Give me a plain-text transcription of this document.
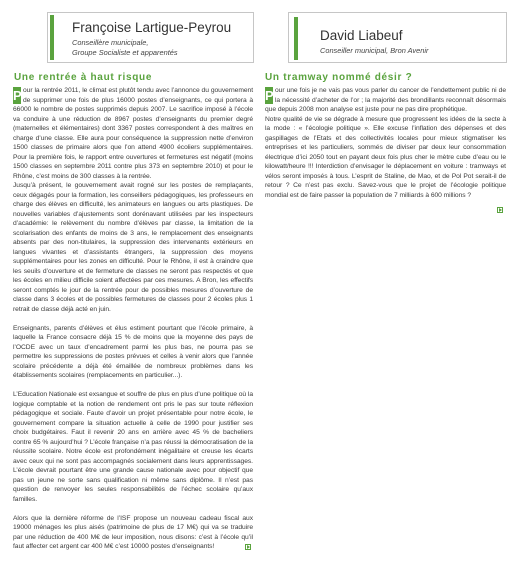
Françoise Lartigue-Peyrou
Conseillère municipale,
Groupe Socialiste et apparentés
David Liabeuf
Conseiller municipal, Bron Avenir
Une rentrée à haut risque	Un tramway nommé désir ?

P our la rentrée 2011, le climat est plutôt tendu avec l’annonce du gouvernement de supprimer une fois de plus 16000 postes d’enseignants, ce qui portera à 66000 le nombre de postes supprimés depuis 2007. Le sacrifice imposé à l’école va conduire à une réduction de 8967 postes d’enseignants du premier degré (maternelles et élémentaires) dont 3367 postes correspondent à des maîtres en charge d’une classe. Elle aura pour conséquence la suppression nette d’environ 1500 classes de primaire alors que l’on attend 4900 écoliers supplémentaires. Pour la première fois, le rapport entre ouvertures et fermetures est négatif (moins 1500 classes en septembre 2011 contre plus 373 en septembre 2010) et pour le Rhône, c’est moins de 300 classes à la rentrée.

Jusqu’à présent, le gouvernement avait rogné sur les postes de remplaçants, ceux dégagés pour la formation, les conseillers pédagogiques, les professeurs en charge des élèves en difficulté, les animateurs en langues ou arts plastiques. De nouvelles variables d’ajustements sont dorénavant utilisées par les inspecteurs d’académie: le relèvement du nombre d’élèves par classe, la limitation de la scolarisation des enfants de moins de 3 ans, le remplacement des enseignants absents par des non-titulaires, la suppression des intervenants extérieurs en langues vivantes et d’assistants étrangers, la suppression des moyens supplémentaires pour les zones en difficulté. Pour le Rhône, il est à craindre que les seuils d’ouverture et de fermeture de classes ne seront pas respectés et que les écoles en milieu difficile soient affectées par ces mesures. A Bron, les effectifs seront comptés le jour de la rentrée pour de possibles mesures d’ouverture de classe dans 3 écoles et de possibles fermetures de classes pour 2 écoles plus 1 retrait de classe déjà acté en juin.

Enseignants, parents d’élèves et élus estiment pourtant que l’école primaire, à laquelle la France consacre déjà 15 % de moins que la moyenne des pays de l’OCDE avec un taux d’encadrement parmi les plus bas, ne pourra pas se permettre les suppressions de postes prévues et celles à venir alors que l’année scolaire précédente a déjà été émaillée de nombreux problèmes dans les établissements scolaires (remplacements en particulier...).

L’Education Nationale est exsangue et souffre de plus en plus d’une politique où la logique comptable et la notion de rendement ont pris le pas sur toute réflexion pédagogique et sociale. Faute d’avoir un projet présentable pour notre école, le gouvernement compare la situation actuelle à celle de 1990 pour justifier ses choix budgétaires. Faut il revenir 20 ans en arrière avec 45 % de bacheliers contre 65 % aujourd’hui ? L’école française n’a pas réussi la démocratisation de la réussite scolaire. Notre école est profondément inégalitaire et creuse les écarts avec ceux qui ne sont pas accompagnés socialement dans leurs apprentissages. L’école devrait pourtant être une grande cause nationale avec pour objectif que pas un jeune ne sorte sans qualification ni même sans diplôme. Il n’est pas question de renvoyer les seules responsabilités de l’échec scolaire qu’aux familles.

Alors que la dernière réforme de l’ISF propose un nouveau cadeau fiscal aux 19000 ménages les plus aisés (patrimoine de plus de 17 M€) qui va se traduire par une réduction de 400 M€ de leur imposition, nous disons: c’est à l’école qu’il faut affecter cet argent car 400 M€ c’est 10000 postes d’enseignants!

P our une fois je ne vais pas vous parler du cancer de l’endettement public ni de la nécessité d’acheter de l’or ; la majorité des brondillants reconnaît désormais que depuis 2008 mon analyse est juste pour ne pas dire prophétique.

Notre qualité de vie se dégrade à mesure que progressent les idées de la secte à la mode : « l’écologie politique ». Elle excuse l’inflation des dépenses et des gaspillages de l’Etats et des collectivités locales pour mieux stigmatiser les entreprises et les particuliers, sommés de diviser par deux leur consommation électrique d’ici 2050 tout en payant deux fois plus cher le mètre cube d’eau ou le kilowatt/heure !!! Interdiction d’envisager le déplacement en voiture : tramways et vélos seront imposés à tous. L’esprit de Staline, de Mao, et de Pol Pot serait-il de retour ? Ce n’est pas exclu. Savez-vous que le projet de l’écologie politique mondial est de faire passer la population de 7 milliards à 600 millions ?
